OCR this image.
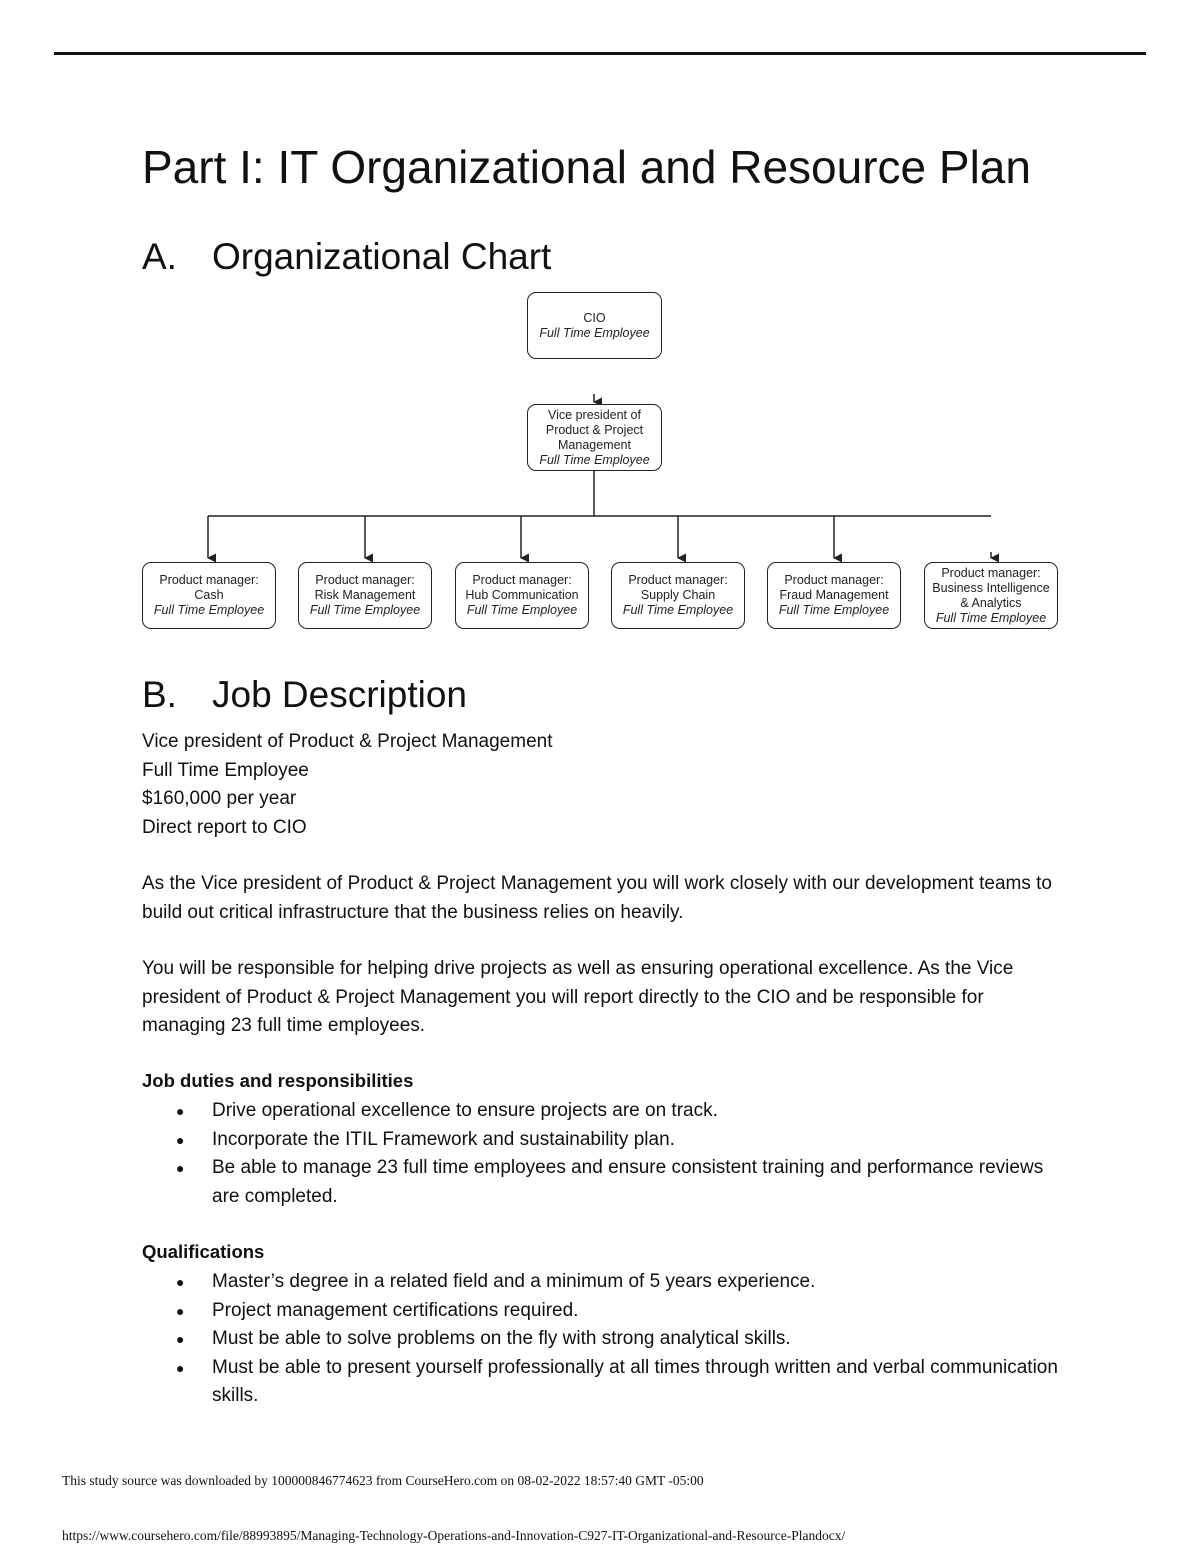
Part I: IT Organizational and Resource Plan
A. Organizational Chart
CIO
Full Time Employee
Vice president of
Product & Project
Management
Full Time Employee
Product manager:
Cash
Full Time Employee
Product manager:
Risk Management
Full Time Employee
Product manager:
Hub Communication
Full Time Employee
Product manager:
Supply Chain
Full Time Employee
Product manager:
Fraud Management
Full Time Employee
Product manager:
Business Intelligence
& Analytics
Full Time Employee
B. Job Description

Vice president of Product & Project Management

Full Time Employee

$160,000 per year

Direct report to CIO

As the Vice president of Product & Project Management you will work closely with our development teams to build out critical infrastructure that the business relies on heavily.
You will be responsible for helping drive projects as well as ensuring operational excellence. As the Vice president of Product & Project Management you will report directly to the CIO and be responsible for managing 23 full time employees.
Job duties and responsibilities
● Drive operational excellence to ensure projects are on track.
● Incorporate the ITIL Framework and sustainability plan.
● Be able to manage 23 full time employees and ensure consistent training and performance reviews are completed.
Qualifications
● Master’s degree in a related field and a minimum of 5 years experience.
● Project management certifications required.
● Must be able to solve problems on the fly with strong analytical skills.
● Must be able to present yourself professionally at all times through written and verbal communication skills.
This study source was downloaded by 100000846774623 from CourseHero.com on 08-02-2022 18:57:40 GMT -05:00
https://www.coursehero.com/file/88993895/Managing-Technology-Operations-and-Innovation-C927-IT-Organizational-and-Resource-Plandocx/
